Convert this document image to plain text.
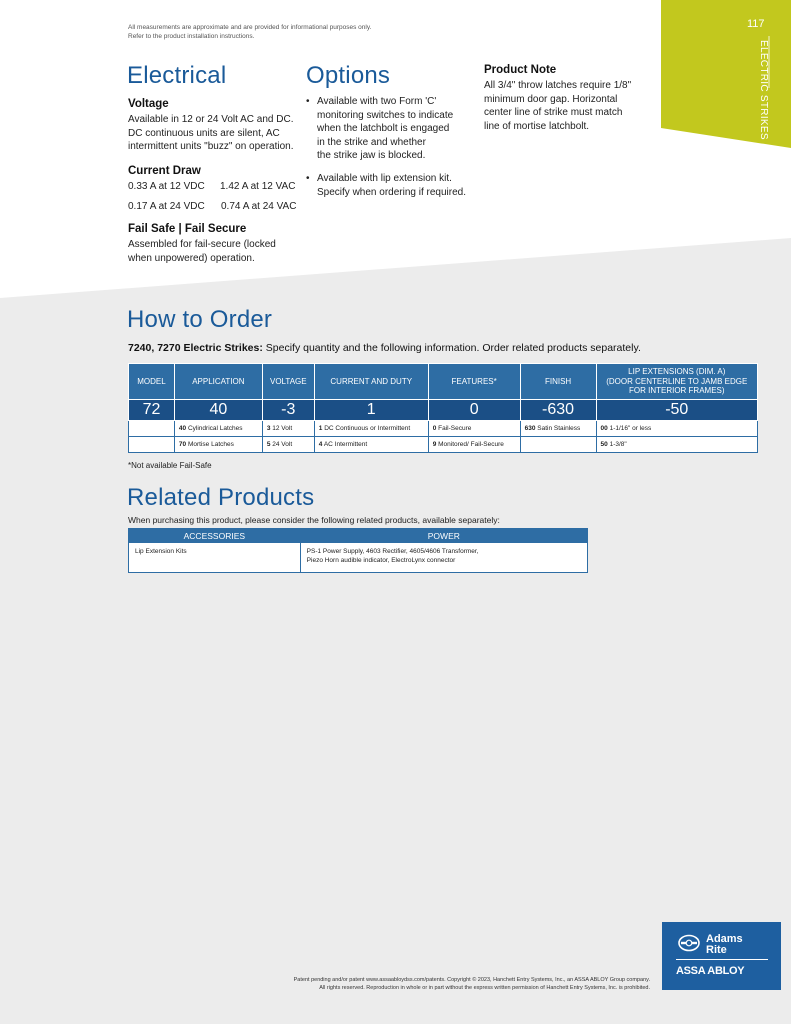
All measurements are approximate and are provided for informational purposes only.
Refer to the product installation instructions.
117
ELECTRIC STRIKES
Electrical
Voltage
Available in 12 or 24 Volt AC and DC.
DC continuous units are silent, AC
intermittent units "buzz" on operation.
Current Draw
0.33 A at 12 VDC 1.42 A at 12 VAC
0.17 A at 24 VDC 0.74 A at 24 VAC
Fail Safe | Fail Secure
Assembled for fail-secure (locked
when unpowered) operation.
Options
• Available with two Form 'C'
monitoring switches to indicate
when the latchbolt is engaged
in the strike and whether
the strike jaw is blocked.
• Available with lip extension kit.
Specify when ordering if required.
Product Note
All 3/4" throw latches require 1/8"
minimum door gap. Horizontal
center line of strike must match
line of mortise latchbolt.
How to Order
7240, 7270 Electric Strikes: Specify quantity and the following information. Order related products separately.
MODEL	APPLICATION	VOLTAGE	CURRENT AND DUTY	FEATURES*	FINISH	LIP EXTENSIONS (DIM. A)
(DOOR CENTERLINE TO JAMB EDGE
FOR INTERIOR FRAMES)
72	40	-3	1	0	-630	-50
	40 Cylindrical Latches	3 12 Volt	1 DC Continuous or Intermittent	0 Fail-Secure	630 Satin Stainless	00 1-1/16" or less
	70 Mortise Latches	5 24 Volt	4 AC Intermittent	9 Monitored/ Fail-Secure		50 1-3/8"
*Not available Fail-Safe
Related Products
When purchasing this product, please consider the following related products, available separately:
ACCESSORIES	POWER
Lip Extension Kits	PS-1 Power Supply, 4603 Rectifier, 4605/4606 Transformer,
Piezo Horn audible indicator, ElectroLynx connector
Patent pending and/or patent www.assaabloydss.com/patents. Copyright © 2023, Hanchett Entry Systems, Inc., an ASSA ABLOY Group company.
All rights reserved. Reproduction in whole or in part without the express written permission of Hanchett Entry Systems, Inc. is prohibited.
Adams
Rite
ASSA ABLOY
